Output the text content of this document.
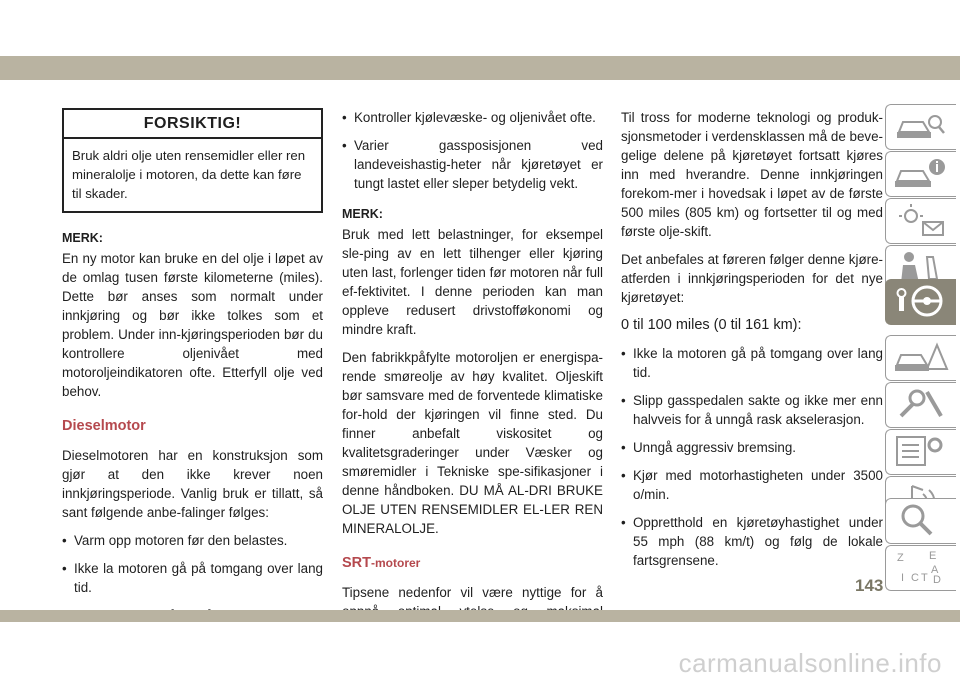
FORSIKTIG!
Bruk aldri olje uten rensemidler eller ren mineralolje i motoren, da dette kan føre til skader.

MERK:

En ny motor kan bruke en del olje i løpet av de omlag tusen første kilometerne (miles). Dette bør anses som normalt under innkjøring og bør ikke tolkes som et problem. Under inn-kjøringsperioden bør du kontrollere oljenivået med motoroljeindikatoren ofte. Etterfyll olje ved behov.

Dieselmotor

Dieselmotoren har en konstruksjon som gjør at den ikke krever noen innkjøringsperiode. Vanlig bruk er tillatt, så sant følgende anbe-falinger følges:

• Varm opp motoren før den belastes.

• Ikke la motoren gå på tomgang over lang tid.

• Kontroller kjølevæske- og oljenivået ofte.

• Varier gassposisjonen ved landeveishastig-heter når kjøretøyet er tungt lastet eller sleper betydelig vekt.

MERK:

Bruk med lett belastninger, for eksempel sle-ping av en lett tilhenger eller kjøring uten last, forlenger tiden før motoren når full ef-fektivitet. I denne perioden kan man oppleve redusert drivstofføkonomi og mindre kraft.

Den fabrikkpåfylte motoroljen er energispa-rende smøreolje av høy kvalitet. Oljeskift bør samsvare med de forventede klimatiske for-hold der kjøringen vil finne sted. Du finner anbefalt viskositet og kvalitetsgraderinger under Væsker og smøremidler i Tekniske spe-sifikasjoner i denne håndboken. DU MÅ AL-DRI BRUKE OLJE UTEN RENSEMIDLER EL-LER REN MINERALOLJE.

SRT-motorer

Tipsene nedenfor vil være nyttige for å

Til tross for moderne teknologi og produk-sjonsmetoder i verdensklassen må de beve-gelige delene på kjøretøyet fortsatt kjøres inn med hverandre. Denne innkjøringen forekom-mer i hovedsak i løpet av de første 500 miles (805 km) og fortsetter til og med første olje-skift.

Det anbefales at føreren følger denne kjøre-atferden i innkjøringsperioden for det nye kjøretøyet:

0 til 100 miles (0 til 161 km):

• Ikke la motoren gå på tomgang over lang tid.

• Slipp gasspedalen sakte og ikke mer enn halvveis for å unngå rask akselerasjon.

• Unngå aggressiv bremsing.

• Kjør med motorhastigheten under 3500 o/min.

• Oppretthold en kjøretøyhastighet under 55 mph (88 km/t) og følg de lokale fartsgrensene.	Z E
A
I C T D
143
carmanualsonline.info
